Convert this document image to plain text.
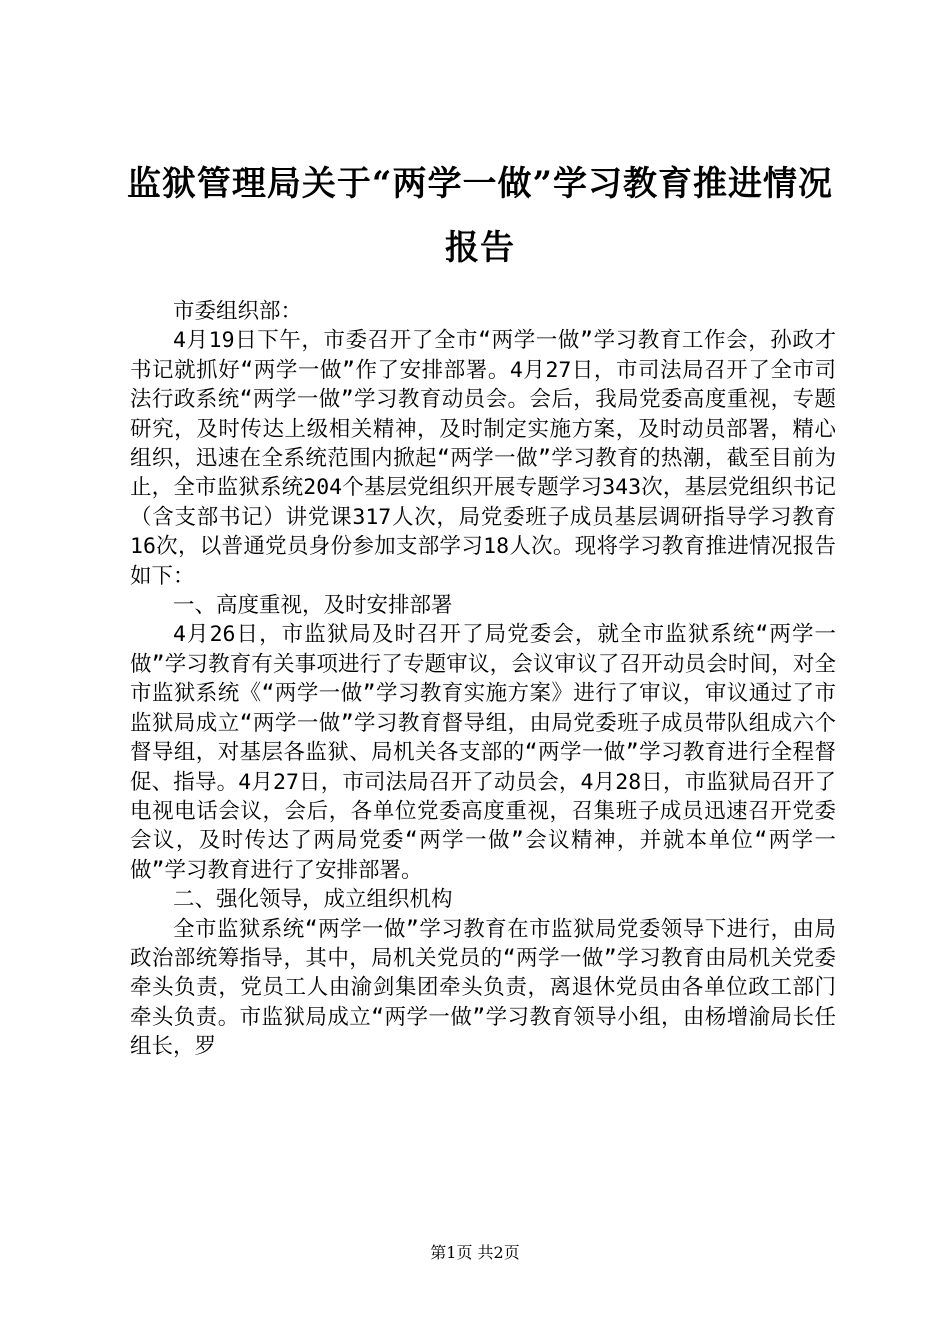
监狱管理局关于“两学一做”学习教育推进情况报告

市委组织部：

4月19日下午，市委召开了全市“两学一做”学习教育工作会，孙政才书记就抓好“两学一做”作了安排部署。4月27日，市司法局召开了全市司法行政系统“两学一做”学习教育动员会。会后，我局党委高度重视，专题研究，及时传达上级相关精神，及时制定实施方案，及时动员部署，精心组织，迅速在全系统范围内掀起“两学一做”学习教育的热潮，截至目前为止，全市监狱系统204个基层党组织开展专题学习343次，基层党组织书记（含支部书记）讲党课317人次，局党委班子成员基层调研指导学习教育16次，以普通党员身份参加支部学习18人次。现将学习教育推进情况报告如下：

一、高度重视，及时安排部署

4月26日，市监狱局及时召开了局党委会，就全市监狱系统“两学一做”学习教育有关事项进行了专题审议，会议审议了召开动员会时间，对全市监狱系统《“两学一做”学习教育实施方案》进行了审议，审议通过了市监狱局成立“两学一做”学习教育督导组，由局党委班子成员带队组成六个督导组，对基层各监狱、局机关各支部的“两学一做”学习教育进行全程督促、指导。4月27日，市司法局召开了动员会，4月28日，市监狱局召开了电视电话会议，会后，各单位党委高度重视，召集班子成员迅速召开党委会议，及时传达了两局党委“两学一做”会议精神，并就本单位“两学一做”学习教育进行了安排部署。

二、强化领导，成立组织机构

全市监狱系统“两学一做”学习教育在市监狱局党委领导下进行，由局政治部统筹指导，其中，局机关党员的“两学一做”学习教育由局机关党委牵头负责，党员工人由渝剑集团牵头负责，离退休党员由各单位政工部门牵头负责。市监狱局成立“两学一做”学习教育领导小组，由杨增渝局长任组长，罗

第1页 共2页
